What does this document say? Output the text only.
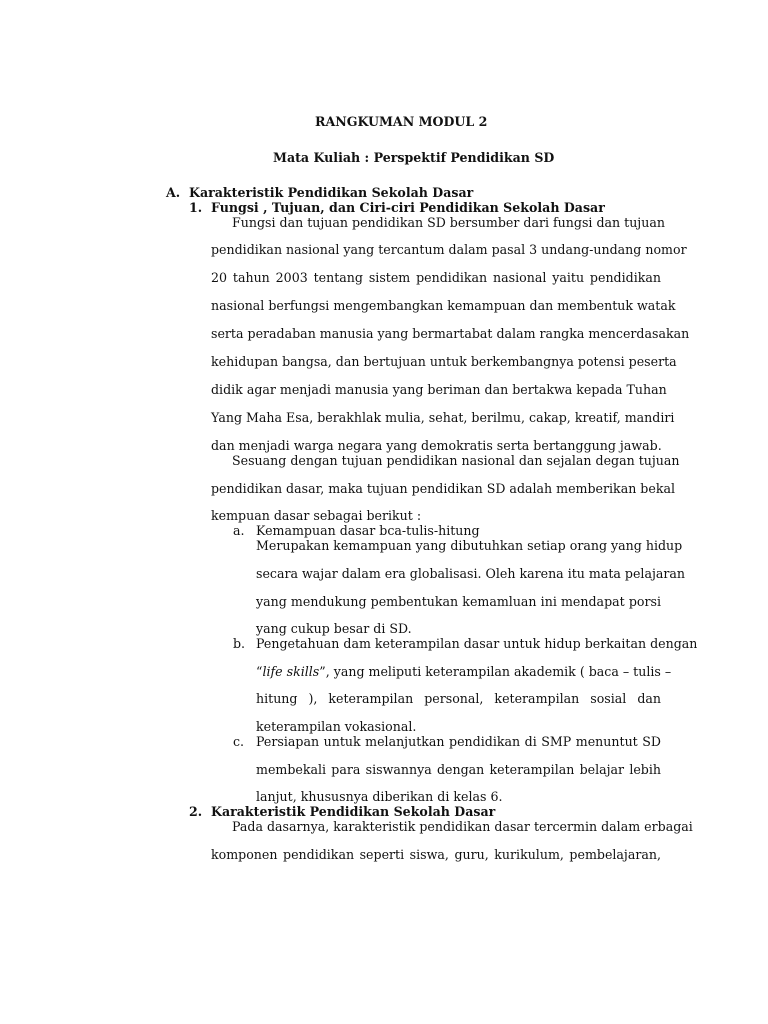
RANGKUMAN MODUL 2
Mata Kuliah : Perspektif Pendidikan SD
A. Karakteristik Pendidikan Sekolah Dasar
1. Fungsi , Tujuan, dan Ciri-ciri Pendidikan Sekolah Dasar
Fungsi dan tujuan pendidikan SD bersumber dari fungsi dan tujuan
pendidikan nasional yang tercantum dalam pasal 3 undang-undang nomor
20 tahun 2003 tentang sistem pendidikan nasional yaitu pendidikan
nasional berfungsi mengembangkan kemampuan dan membentuk watak
serta peradaban manusia yang bermartabat dalam rangka mencerdasakan
kehidupan bangsa, dan bertujuan untuk berkembangnya potensi peserta
didik agar menjadi manusia yang beriman dan bertakwa kepada Tuhan
Yang Maha Esa, berakhlak mulia, sehat, berilmu, cakap, kreatif, mandiri
dan menjadi warga negara yang demokratis serta bertanggung jawab.
Sesuang dengan tujuan pendidikan nasional dan sejalan degan tujuan
pendidikan dasar, maka tujuan pendidikan SD adalah memberikan bekal
kempuan dasar sebagai berikut :
a. Kemampuan dasar bca-tulis-hitung
Merupakan kemampuan yang dibutuhkan setiap orang yang hidup
secara wajar dalam era globalisasi. Oleh karena itu mata pelajaran
yang mendukung pembentukan kemamluan ini mendapat porsi
yang cukup besar di SD.
b. Pengetahuan dam keterampilan dasar untuk hidup berkaitan dengan
“ life skills ”, yang meliputi keterampilan akademik ( baca – tulis –
hitung ), keterampilan personal, keterampilan sosial dan
keterampilan vokasional.
c. Persiapan untuk melanjutkan pendidikan di SMP menuntut SD
membekali para siswannya dengan keterampilan belajar lebih
lanjut, khususnya diberikan di kelas 6.
2. Karakteristik Pendidikan Sekolah Dasar
Pada dasarnya, karakteristik pendidikan dasar tercermin dalam erbagai
komponen pendidikan seperti siswa, guru, kurikulum, pembelajaran,
